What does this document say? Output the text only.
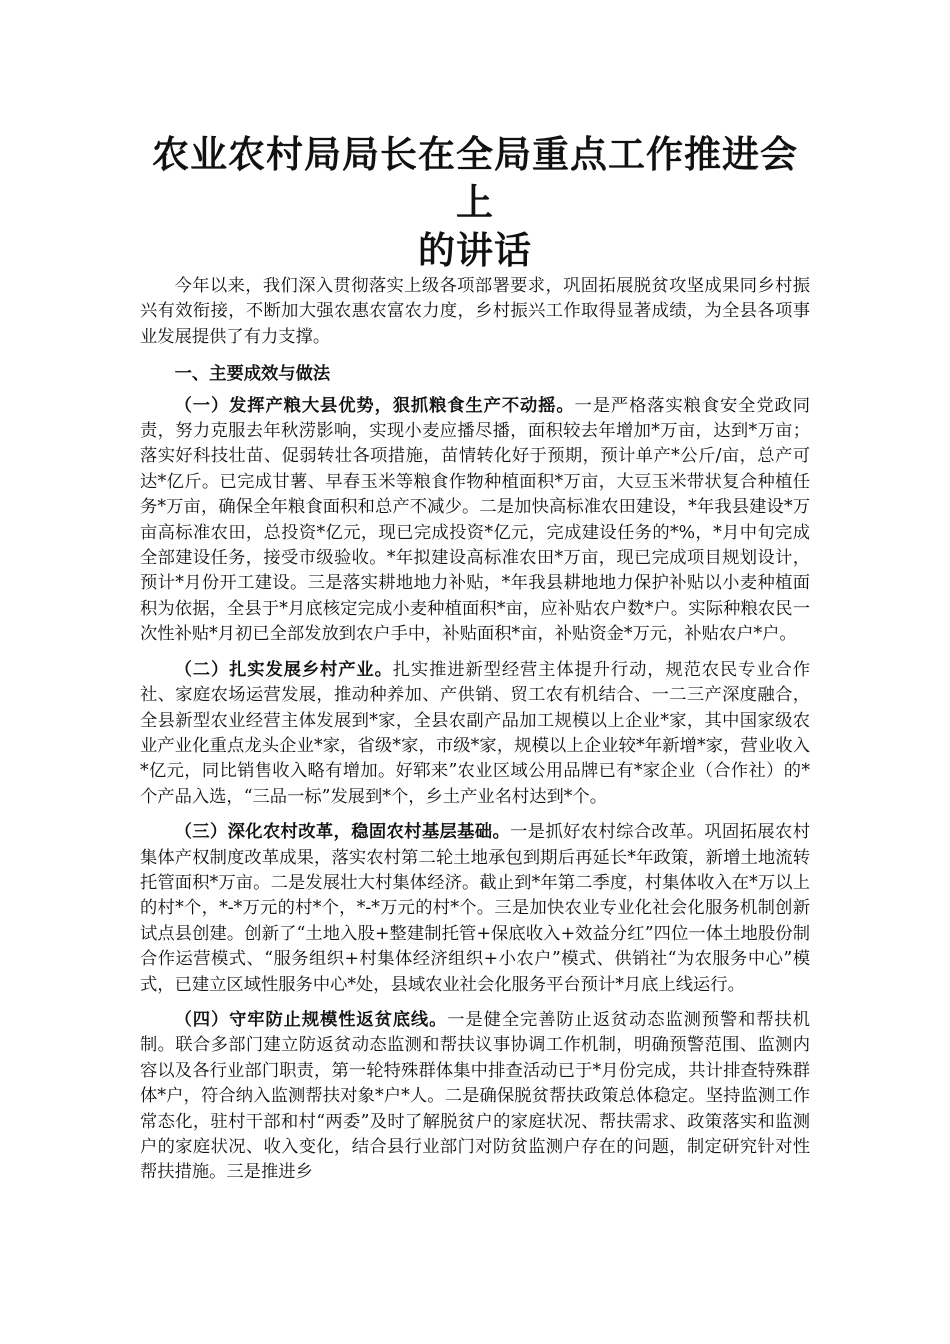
农业农村局局长在全局重点工作推进会上
的讲话

今年以来，我们深入贯彻落实上级各项部署要求，巩固拓展脱贫攻坚成果同乡村振兴有效衔接，不断加大强农惠农富农力度，乡村振兴工作取得显著成绩，为全县各项事业发展提供了有力支撑。

一、主要成效与做法

（一）发挥产粮大县优势，狠抓粮食生产不动摇。一是严格落实粮食安全党政同责，努力克服去年秋涝影响，实现小麦应播尽播，面积较去年增加*万亩，达到*万亩；落实好科技壮苗、促弱转壮各项措施，苗情转化好于预期，预计单产*公斤/亩，总产可达*亿斤。已完成甘薯、早春玉米等粮食作物种植面积*万亩，大豆玉米带状复合种植任务*万亩，确保全年粮食面积和总产不减少。二是加快高标准农田建设，*年我县建设*万亩高标准农田，总投资*亿元，现已完成投资*亿元，完成建设任务的*%，*月中旬完成全部建设任务，接受市级验收。*年拟建设高标准农田*万亩，现已完成项目规划设计，预计*月份开工建设。三是落实耕地地力补贴，*年我县耕地地力保护补贴以小麦种植面积为依据，全县于*月底核定完成小麦种植面积*亩，应补贴农户数*户。实际种粮农民一次性补贴*月初已全部发放到农户手中，补贴面积*亩，补贴资金*万元，补贴农户*户。

（二）扎实发展乡村产业。扎实推进新型经营主体提升行动，规范农民专业合作社、家庭农场运营发展，推动种养加、产供销、贸工农有机结合、一二三产深度融合，全县新型农业经营主体发展到*家，全县农副产品加工规模以上企业*家，其中国家级农业产业化重点龙头企业*家，省级*家，市级*家，规模以上企业较*年新增*家，营业收入*亿元，同比销售收入略有增加。好郓来”农业区域公用品牌已有*家企业（合作社）的*个产品入选，“三品一标”发展到*个，乡土产业名村达到*个。

（三）深化农村改革，稳固农村基层基础。一是抓好农村综合改革。巩固拓展农村集体产权制度改革成果，落实农村第二轮土地承包到期后再延长*年政策，新增土地流转托管面积*万亩。二是发展壮大村集体经济。截止到*年第二季度，村集体收入在*万以上的村*个，*-*万元的村*个，*-*万元的村*个。三是加快农业专业化社会化服务机制创新试点县创建。创新了“土地入股+整建制托管+保底收入+效益分红”四位一体土地股份制合作运营模式、“服务组织+村集体经济组织+小农户”模式、供销社“为农服务中心”模式，已建立区域性服务中心*处，县域农业社会化服务平台预计*月底上线运行。

（四）守牢防止规模性返贫底线。一是健全完善防止返贫动态监测预警和帮扶机制。联合多部门建立防返贫动态监测和帮扶议事协调工作机制，明确预警范围、监测内容以及各行业部门职责，第一轮特殊群体集中排查活动已于*月份完成，共计排查特殊群体*户，符合纳入监测帮扶对象*户*人。二是确保脱贫帮扶政策总体稳定。坚持监测工作常态化，驻村干部和村“两委”及时了解脱贫户的家庭状况、帮扶需求、政策落实和监测户的家庭状况、收入变化，结合县行业部门对防贫监测户存在的问题，制定研究针对性帮扶措施。三是推进乡
